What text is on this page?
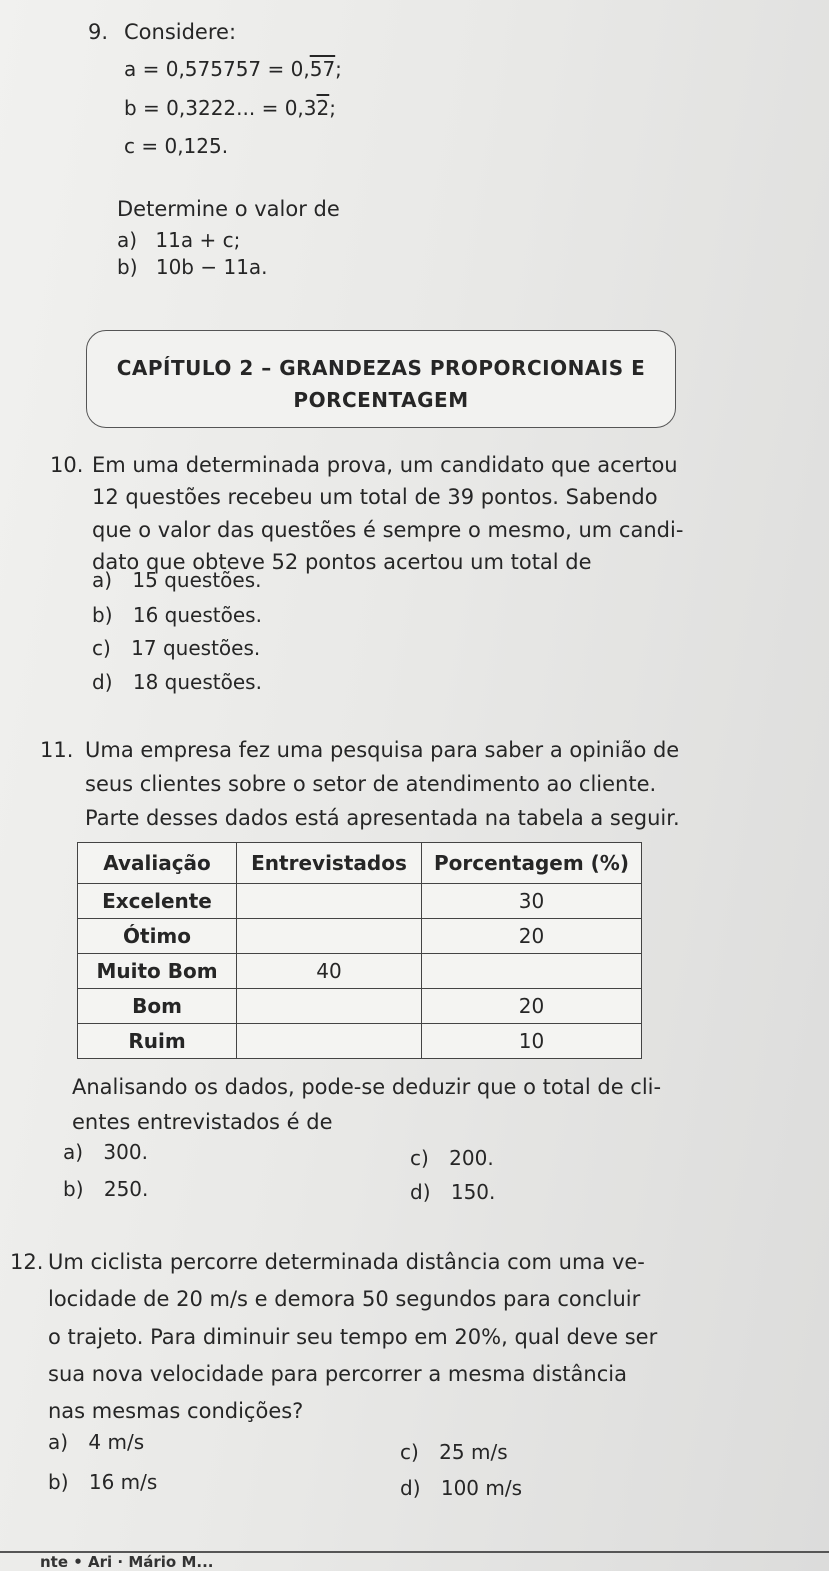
9. Considere:
a = 0,575757 = 0,57;
b = 0,3222... = 0,32;
c = 0,125.
Determine o valor de
a) 11a + c;
b) 10b − 11a.
CAPÍTULO 2 – GRANDEZAS PROPORCIONAIS E
PORCENTAGEM
10. Em uma determinada prova, um candidato que acertou
12 questões recebeu um total de 39 pontos. Sabendo
que o valor das questões é sempre o mesmo, um candi-
dato que obteve 52 pontos acertou um total de
a) 15 questões.
b) 16 questões.
c) 17 questões.
d) 18 questões.
11. Uma empresa fez uma pesquisa para saber a opinião de
seus clientes sobre o setor de atendimento ao cliente.
Parte desses dados está apresentada na tabela a seguir.
Avaliação	Entrevistados	Porcentagem (%)
Excelente		30
Ótimo		20
Muito Bom	40	
Bom		20
Ruim		10
Analisando os dados, pode-se deduzir que o total de cli-
entes entrevistados é de
a) 300.
b) 250.
c) 200.
d) 150.
12. Um ciclista percorre determinada distância com uma ve-
locidade de 20 m/s e demora 50 segundos para concluir
o trajeto. Para diminuir seu tempo em 20%, qual deve ser
sua nova velocidade para percorrer a mesma distância
nas mesmas condições?
a) 4 m/s
b) 16 m/s
c) 25 m/s
d) 100 m/s
nte • Ari · Mário M...
